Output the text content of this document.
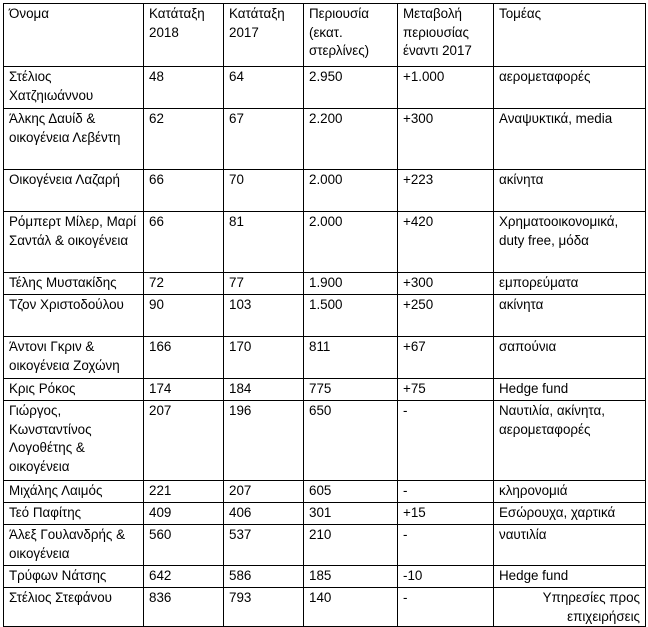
Όνομα	Κατάταξη 2018	Κατάταξη 2017	Περιουσία (εκατ. στερλίνες)	Μεταβολή περιουσίας έναντι 2017	Τομέας
Στέλιος Χατζηιωάννου	48	64	2.950	+1.000	αερομεταφορές
Άλκης Δαυίδ & οικογένεια Λεβέντη	62	67	2.200	+300	Αναψυκτικά, media
Οικογένεια Λαζαρή	66	70	2.000	+223	ακίνητα
Ρόμπερτ Μίλερ, Μαρί Σαντάλ & οικογένεια	66	81	2.000	+420	Χρηματοοικονομικά, duty free, μόδα
Τέλης Μυστακίδης	72	77	1.900	+300	εμπορεύματα
Τζον Χριστοδούλου	90	103	1.500	+250	ακίνητα
Άντονι Γκριν & οικογένεια Ζοχώνη	166	170	811	+67	σαπούνια
Κρις Ρόκος	174	184	775	+75	Hedge fund
Γιώργος, Κωνσταντίνος Λογοθέτης & οικογένεια	207	196	650	-	Ναυτιλία, ακίνητα, αερομεταφορές
Μιχάλης Λαιμός	221	207	605	-	κληρονομιά
Τεό Παφίτης	409	406	301	+15	Εσώρουχα, χαρτικά
Άλεξ Γουλανδρής & οικογένεια	560	537	210	-	ναυτιλία
Τρύφων Νάτσης	642	586	185	-10	Hedge fund
Στέλιος Στεφάνου	836	793	140	-	Υπηρεσίες προς επιχειρήσεις
